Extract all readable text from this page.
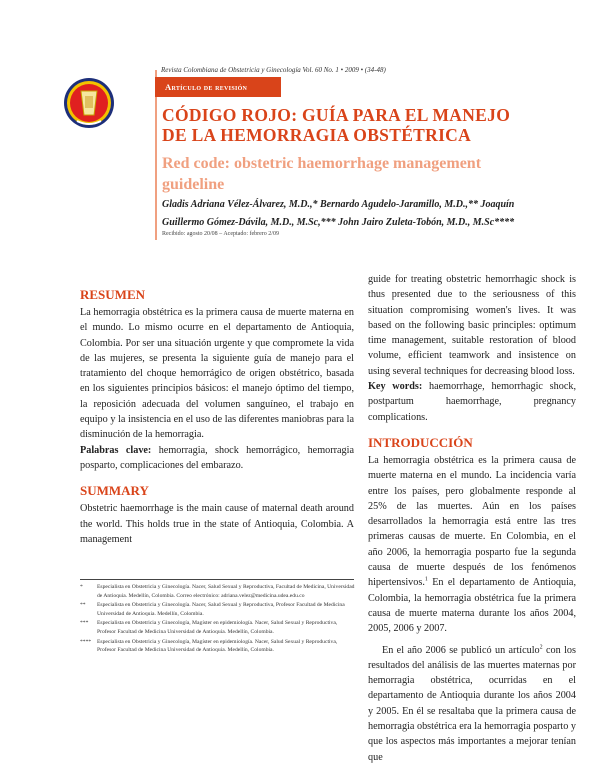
Revista Colombiana de Obstetricia y Ginecología Vol. 60 No. 1 • 2009 • (34-48)
Artículo de revisión
CÓDIGO ROJO: GUÍA PARA EL MANEJO DE LA HEMORRAGIA OBSTÉTRICA
Red code: obstetric haemorrhage management guideline
Gladis Adriana Vélez-Álvarez, M.D.,* Bernardo Agudelo-Jaramillo, M.D.,** Joaquín Guillermo Gómez-Dávila, M.D., M.Sc,*** John Jairo Zuleta-Tobón, M.D., M.Sc****
Recibido: agosto 20/08 – Aceptado: febrero 2/09
RESUMEN

La hemorragia obstétrica es la primera causa de muerte materna en el mundo. Lo mismo ocurre en el departamento de Antioquia, Colombia. Por ser una situación urgente y que compromete la vida de las mujeres, se presenta la siguiente guía de manejo para el tratamiento del choque hemorrágico de origen obstétrico, basada en los siguientes principios básicos: el manejo óptimo del tiempo, la reposición adecuada del volumen sanguíneo, el trabajo en equipo y la insistencia en el uso de las diferentes maniobras para la disminución de la hemorragia.

Palabras clave: hemorragia, shock hemorrágico, hemorragia posparto, complicaciones del embarazo.

SUMMARY

Obstetric haemorrhage is the main cause of maternal death around the world. This holds true in the state of Antioquia, Colombia. A management

*	Especialista en Obstetricia y Ginecología. Nacer, Salud Sexual y Reproductiva, Facultad de Medicina, Universidad de Antioquia. Medellín, Colombia. Correo electrónico: adriana.velez@medicina.udea.edu.co
**	Especialista en Obstetricia y Ginecología. Nacer, Salud Sexual y Reproductiva, Profesor Facultad de Medicina Universidad de Antioquia. Medellín, Colombia.
***	Especialista en Obstetricia y Ginecología, Magíster en epidemiología. Nacer, Salud Sexual y Reproductiva, Profesor Facultad de Medicina Universidad de Antioquia. Medellín, Colombia.
****	Especialista en Obstetricia y Ginecología, Magíster en epidemiología. Nacer, Salud Sexual y Reproductiva, Profesor Facultad de Medicina Universidad de Antioquia. Medellín, Colombia.

guide for treating obstetric hemorrhagic shock is thus presented due to the seriousness of this situation compromising women's lives. It was based on the following basic principles: optimum time management, suitable restoration of blood volume, efficient teamwork and insistence on using several techniques for decreasing blood loss.

Key words: haemorrhage, hemorrhagic shock, postpartum haemorrhage, pregnancy complications.

INTRODUCCIÓN

La hemorragia obstétrica es la primera causa de muerte materna en el mundo. La incidencia varía entre los países, pero globalmente responde al 25% de las muertes. Aún en los países desarrollados la hemorragia está entre las tres primeras causas de muerte. En Colombia, en el año 2006, la hemorragia posparto fue la segunda causa de muerte después de los fenómenos hipertensivos.$^1$ En el departamento de Antioquia, Colombia, la hemorragia obstétrica fue la primera causa de muerte materna durante los años 2004, 2005, 2006 y 2007.

En el año 2006 se publicó un artículo$^2$ con los resultados del análisis de las muertes maternas por hemorragia obstétrica, ocurridas en el departamento de Antioquia durante los años 2004 y 2005. En él se resaltaba que la primera causa de hemorragia obstétrica era la hemorragia posparto y que los aspectos más importantes a mejorar tenían que
